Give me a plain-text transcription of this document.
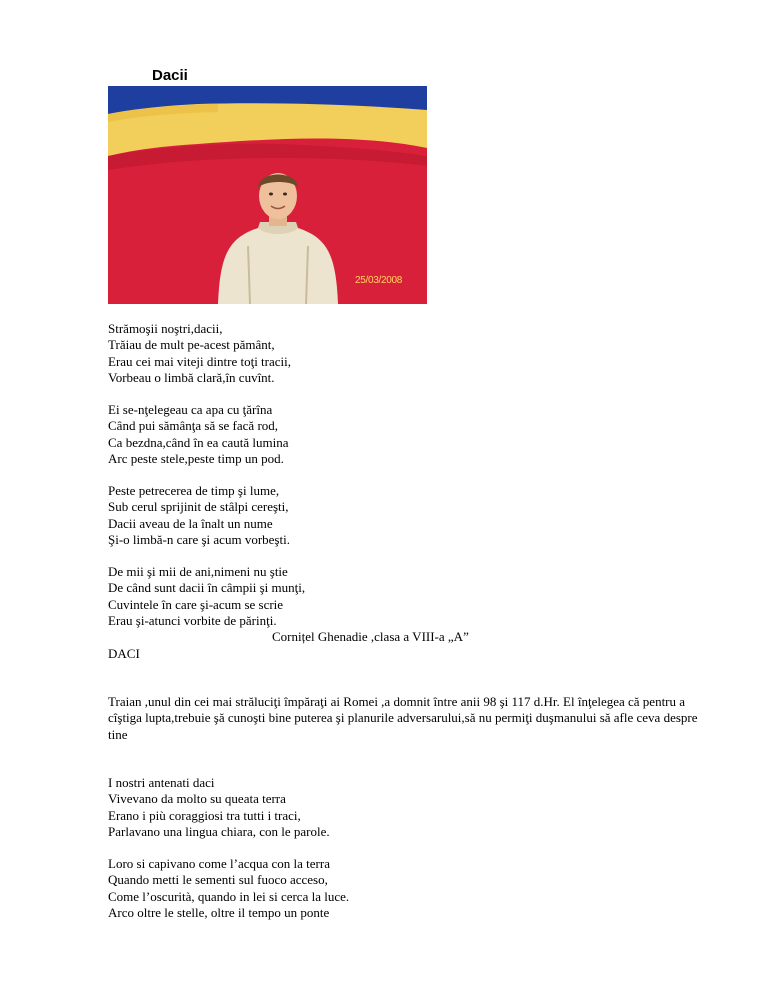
Dacii
25/03/2008
Strămoşii noştri,dacii,
Trăiau de mult pe-acest pământ,
Erau cei mai viteji dintre toţi tracii,
Vorbeau o limbă clară,în cuvînt.
Ei se-nţelegeau ca apa cu ţărîna
Când pui sămânţa să se facă rod,
Ca bezdna,când în ea caută lumina
Arc peste stele,peste timp un pod.
Peste petrecerea de timp şi lume,
Sub cerul sprijinit de stâlpi cereşti,
Dacii aveau de la înalt un nume
Şi-o limbă-n care şi acum vorbeşti.
De mii şi mii de ani,nimeni nu ştie
De când sunt dacii în câmpii şi munţi,
Cuvintele în care şi-acum se scrie
Erau şi-atunci vorbite de părinţi.
Cornițel Ghenadie ,clasa a VIII-a „A”
DACI

Traian ,unul din cei mai străluciţi împăraţi ai Romei ,a domnit între anii 98 şi 117 d.Hr. El înţelegea că pentru a cîştiga lupta,trebuie şă cunoşti bine puterea şi planurile adversarului,să nu permiţi duşmanului să afle ceva despre tine

I nostri antenati daci
Vivevano da molto su queata terra
Erano i più coraggiosi tra tutti i traci,
Parlavano una lingua chiara, con le parole.
Loro si capivano come l’acqua con la terra
Quando metti le sementi sul fuoco acceso,
Come l’oscurità, quando in lei si cerca la luce.
Arco oltre le stelle, oltre il tempo un ponte
